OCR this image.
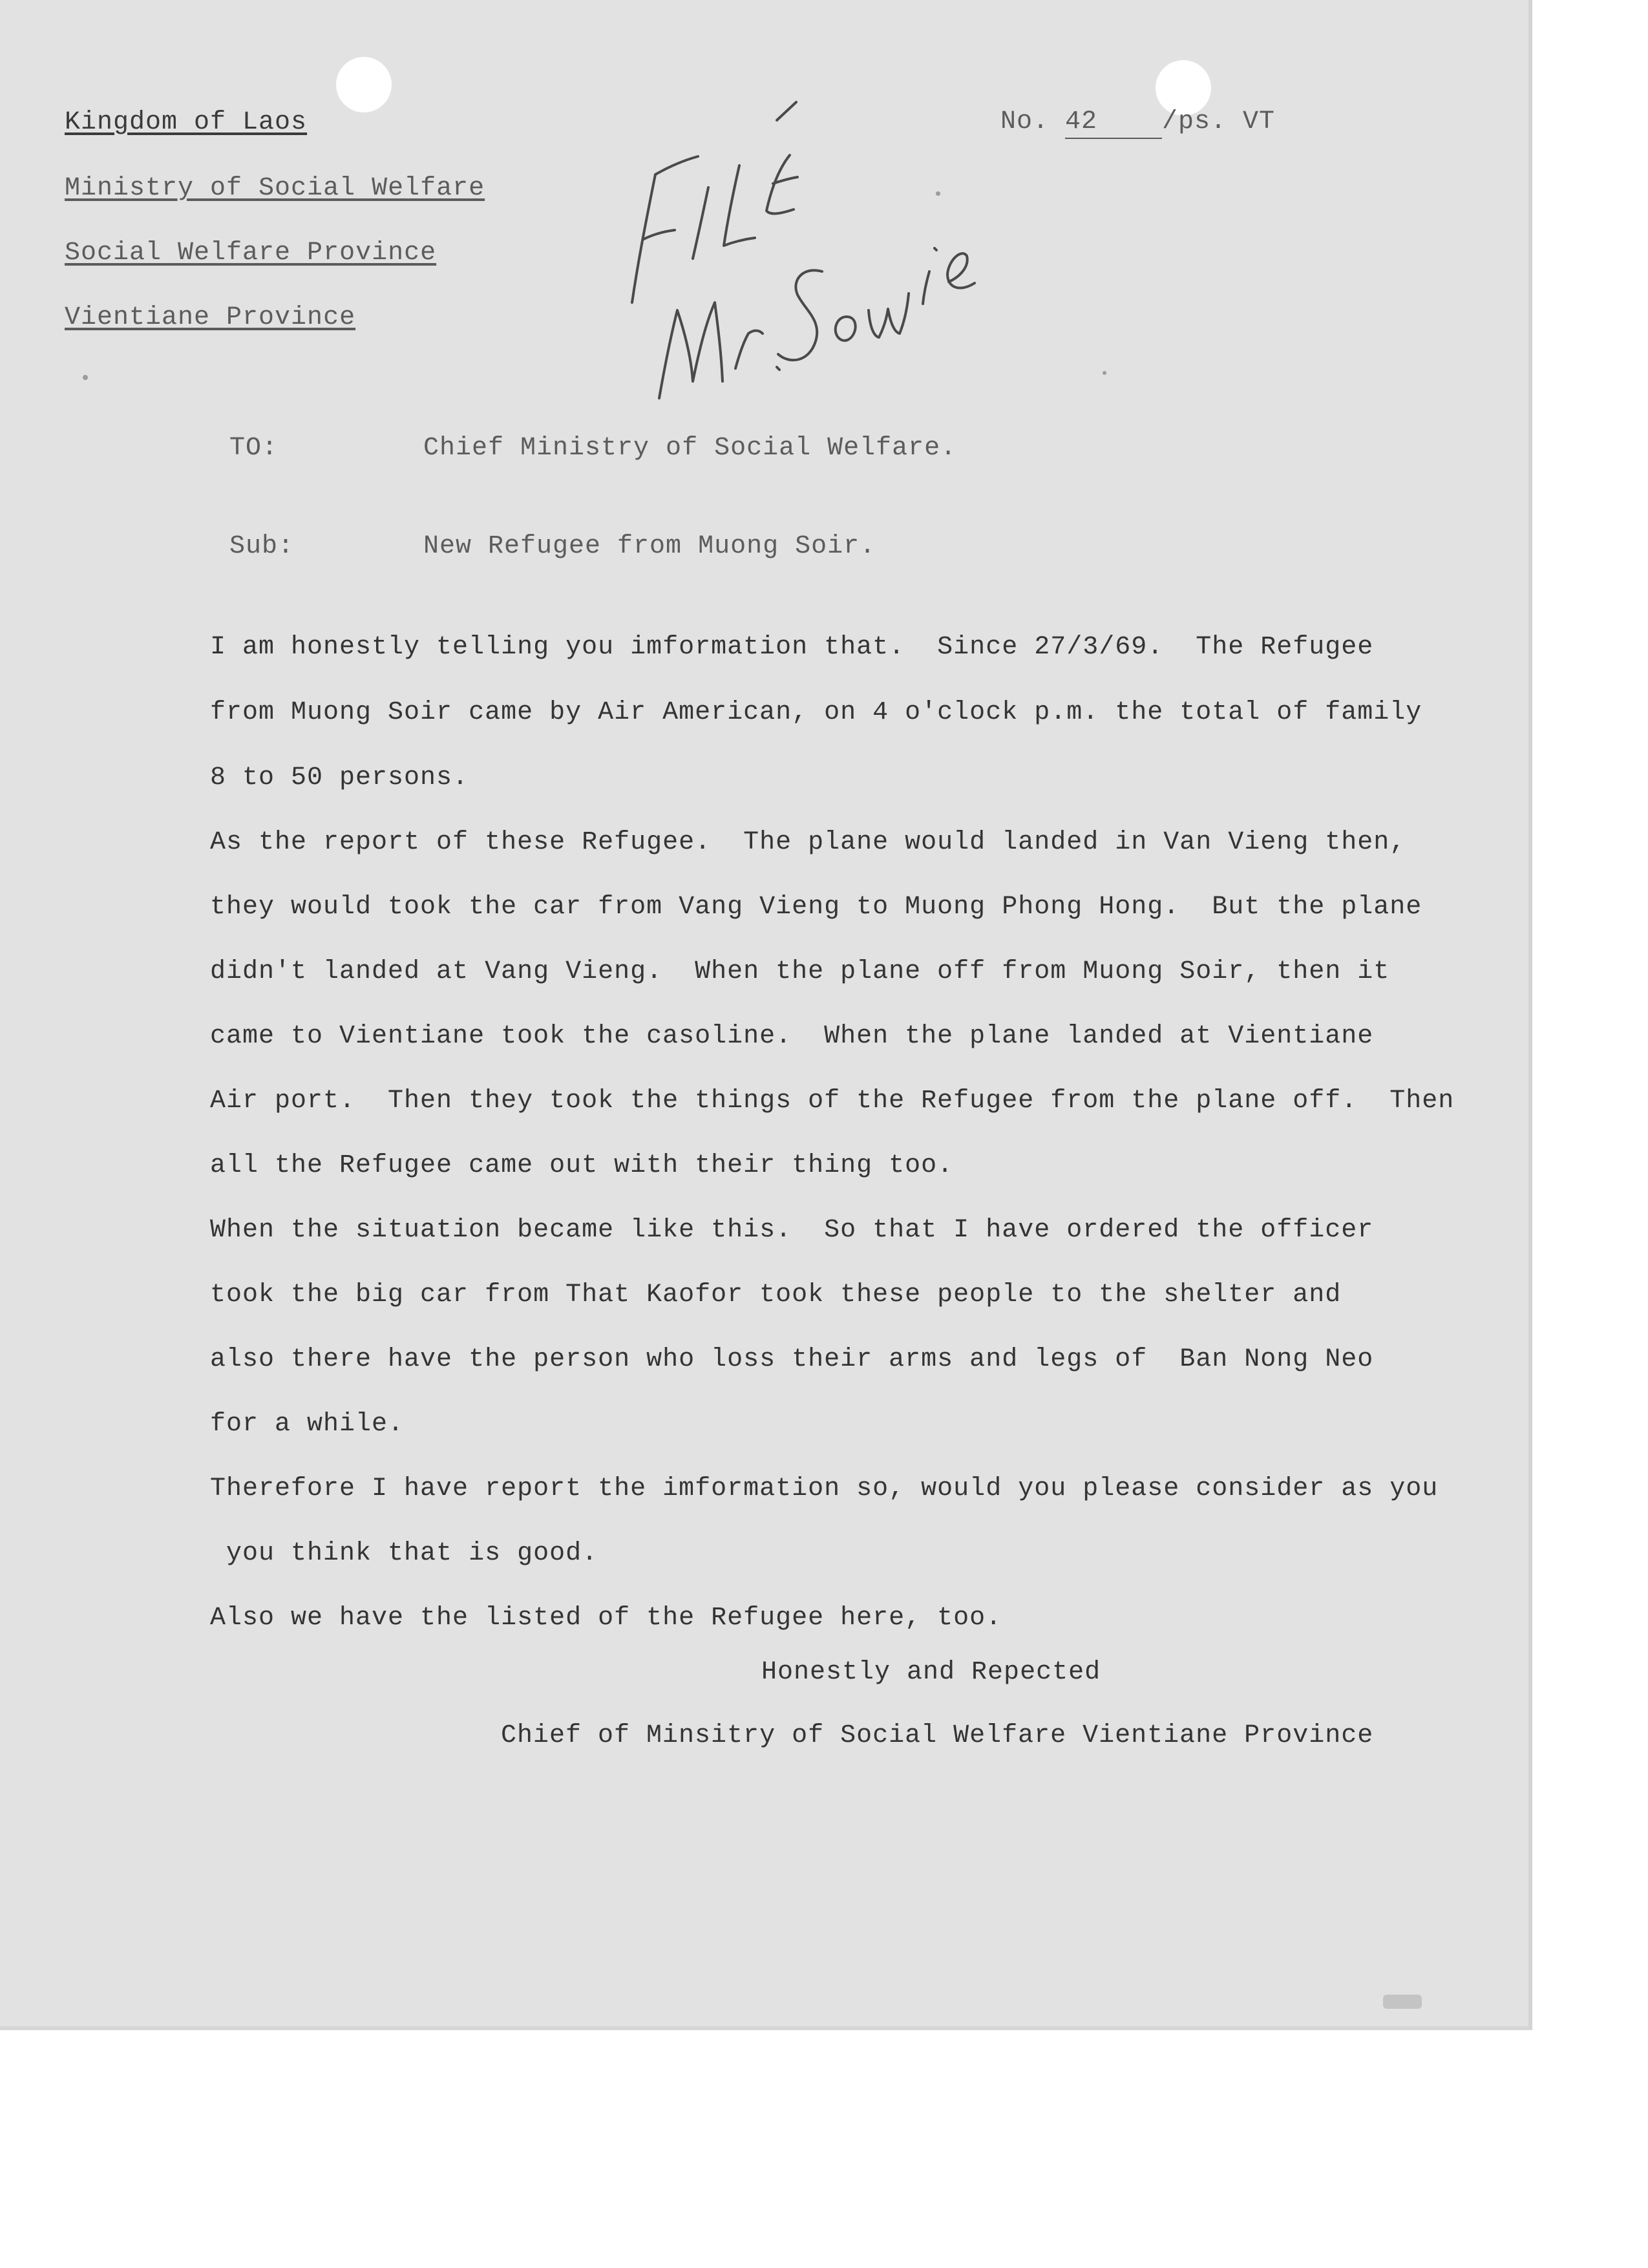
Kingdom of Laos
Ministry of Social Welfare
Social Welfare Province
Vientiane Province
No. 42 /ps. VT
TO:	Chief Ministry of Social Welfare.
Sub:	New Refugee from Muong Soir.
I am honestly telling you imformation that.  Since 27/3/69.  The Refugee
from Muong Soir came by Air American, on 4 o'clock p.m. the total of family
8 to 50 persons.
As the report of these Refugee.  The plane would landed in Van Vieng then,
they would took the car from Vang Vieng to Muong Phong Hong.  But the plane
didn't landed at Vang Vieng.  When the plane off from Muong Soir, then it
came to Vientiane took the casoline.  When the plane landed at Vientiane
Air port.  Then they took the things of the Refugee from the plane off.  Then
all the Refugee came out with their thing too.
When the situation became like this.  So that I have ordered the officer
took the big car from That Kaofor took these people to the shelter and
also there have the person who loss their arms and legs of  Ban Nong Neo
for a while.
Therefore I have report the imformation so, would you please consider as you
you think that is good.
Also we have the listed of the Refugee here, too.
Honestly and Repected
Chief of Minsitry of Social Welfare Vientiane Province
